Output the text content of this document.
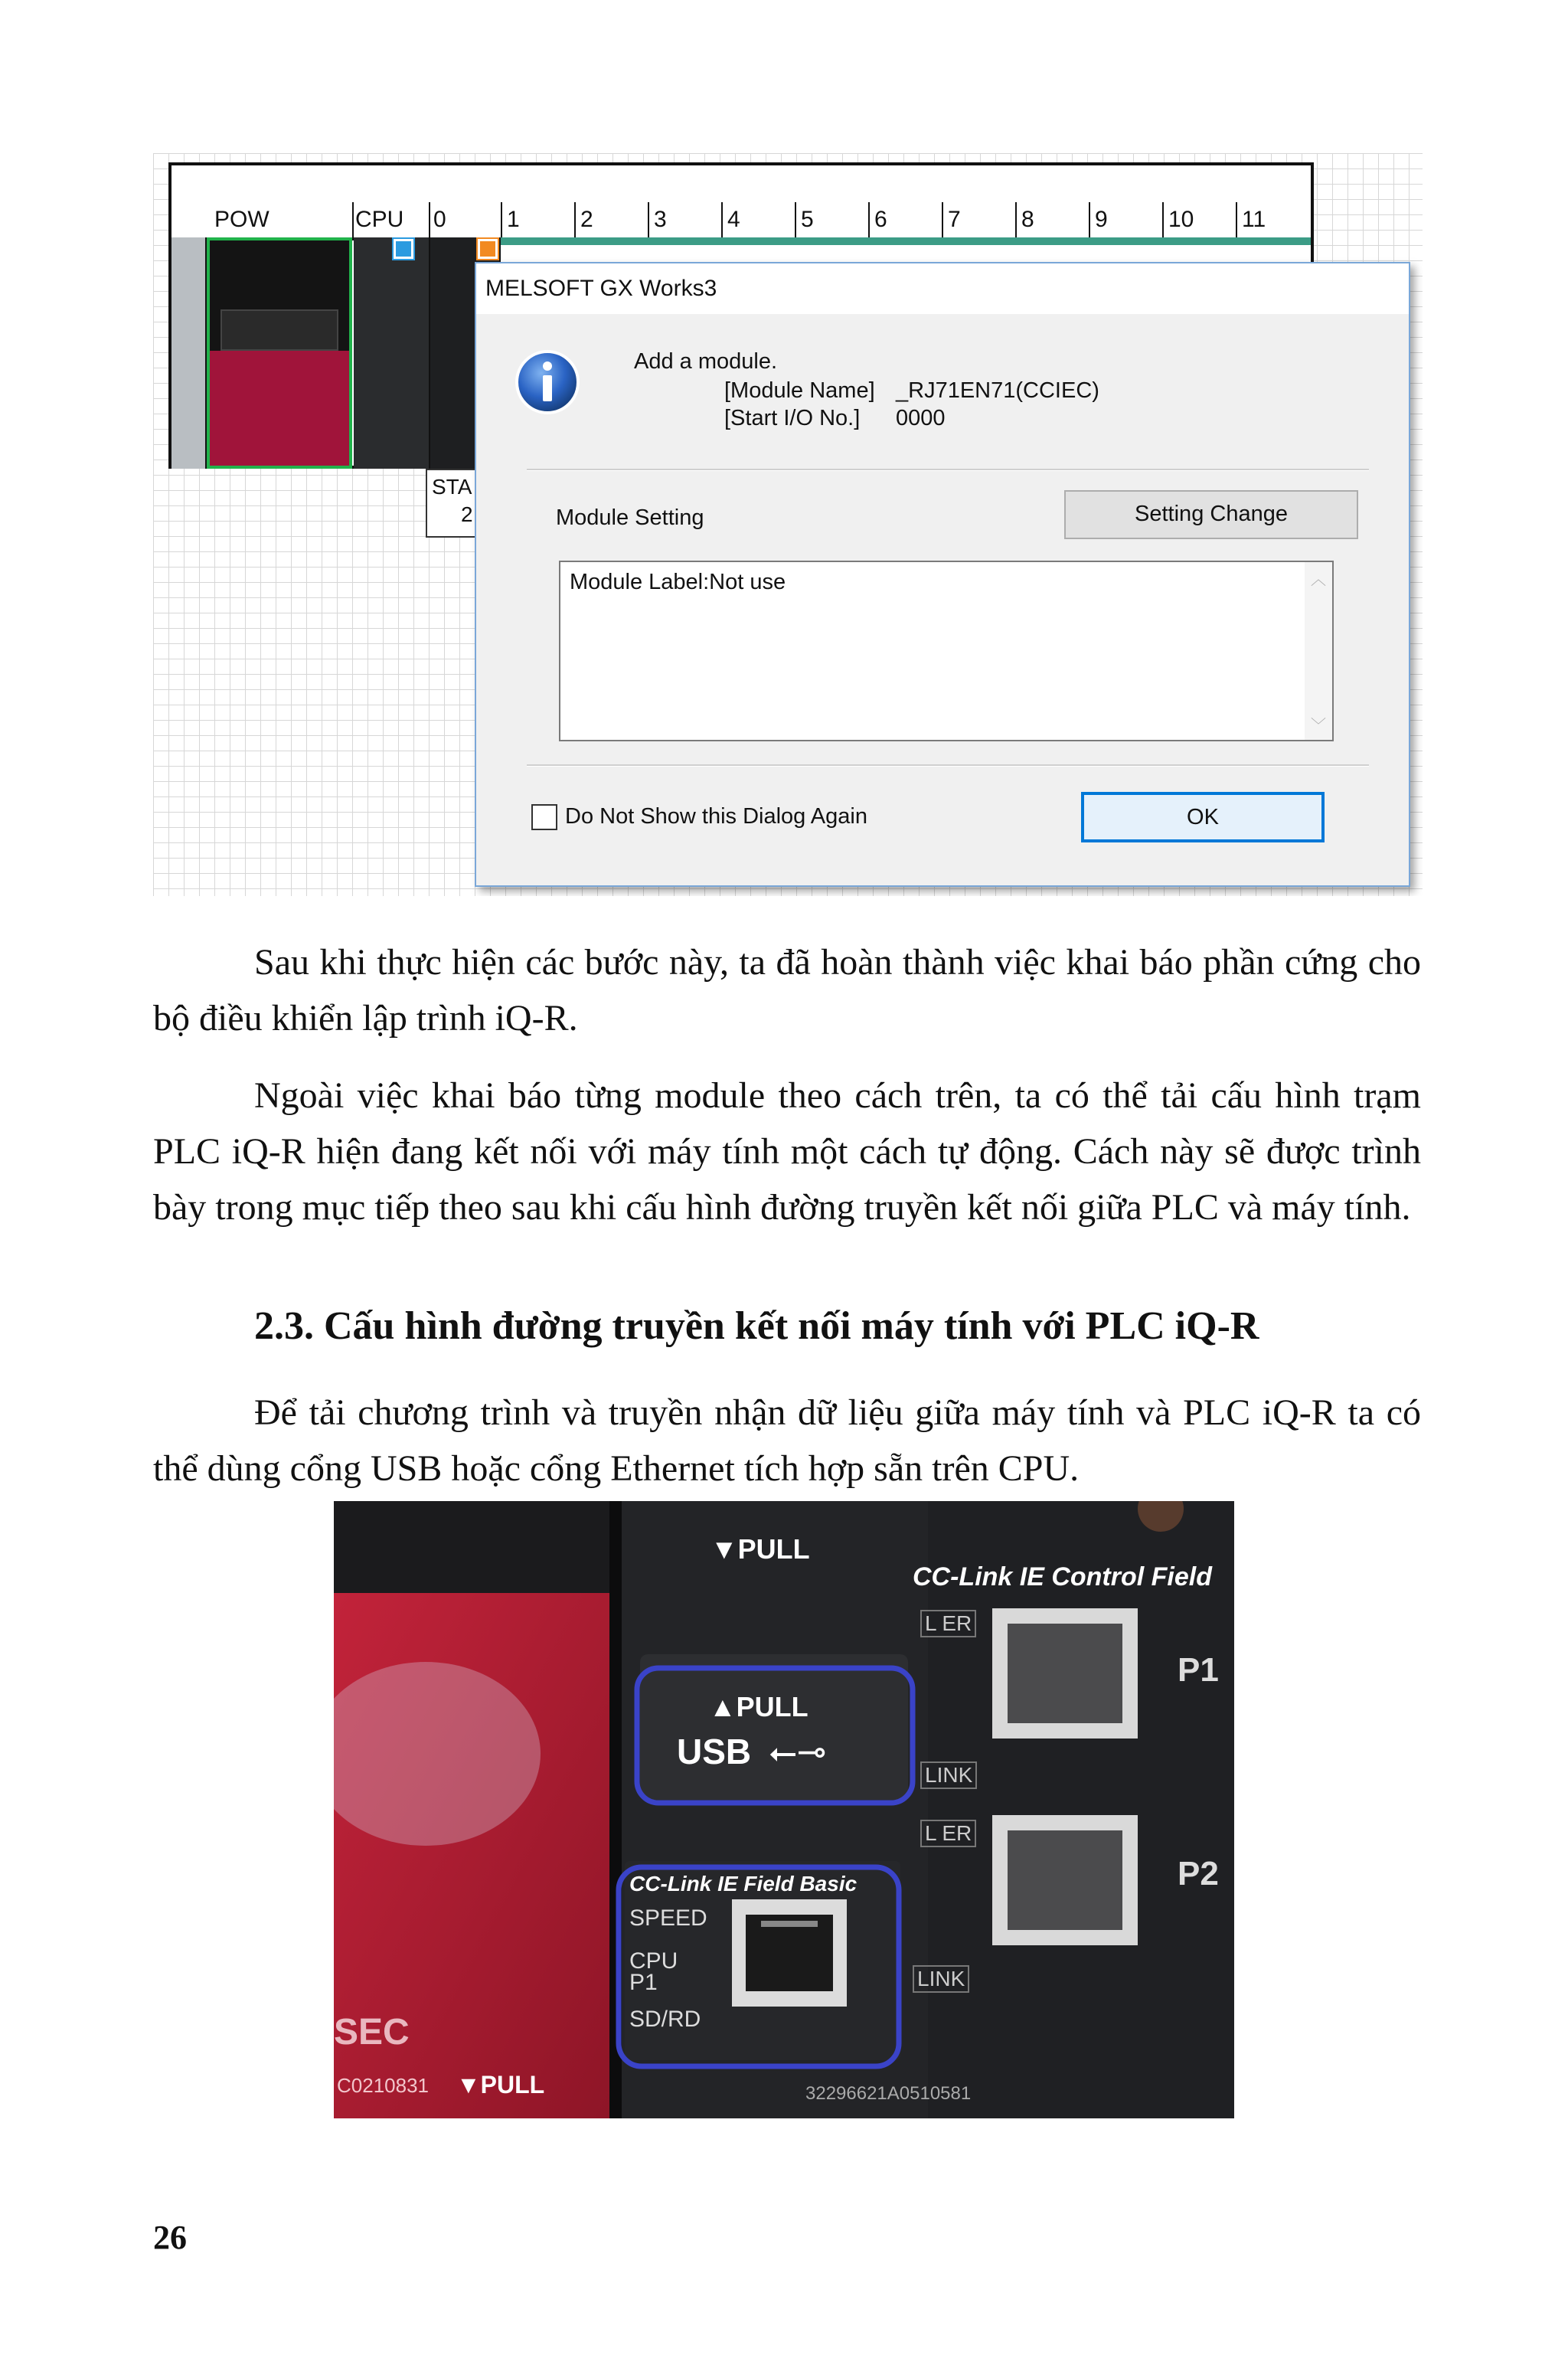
POW	CPU 0	1	2	3	4	5	6	7	8	9	10 11
STA
2
MELSOFT GX Works3
Add a module.
[Module Name] _RJ71EN71(CCIEC)
[Start I/O No.] 0000
Module Setting	Setting Change
Module Label:Not use	︿
﹀
Do Not Show this Dialog Again	OK

Sau khi thực hiện các bước này, ta đã hoàn thành việc khai báo phần cứng cho bộ điều khiển lập trình iQ-R.

Ngoài việc khai báo từng module theo cách trên, ta có thể tải cấu hình trạm PLC iQ-R hiện đang kết nối với máy tính một cách tự động. Cách này sẽ được trình bày trong mục tiếp theo sau khi cấu hình đường truyền kết nối giữa PLC và máy tính.

2.3. Cấu hình đường truyền kết nối máy tính với PLC iQ-R

Để tải chương trình và truyền nhận dữ liệu giữa máy tính và PLC iQ-R ta có thể dùng cổng USB hoặc cổng Ethernet tích hợp sẵn trên CPU.

▼PULL
CC-Link IE Control Field
▲PULL
USB ⭠⊸
CC-Link IE Field Basic
SPEED
CPU
P1
SD/RD
L ER
LINK
L ER
LINK
P1
P2
SEC
C0210831 ▼PULL	32296621A0510581
26
